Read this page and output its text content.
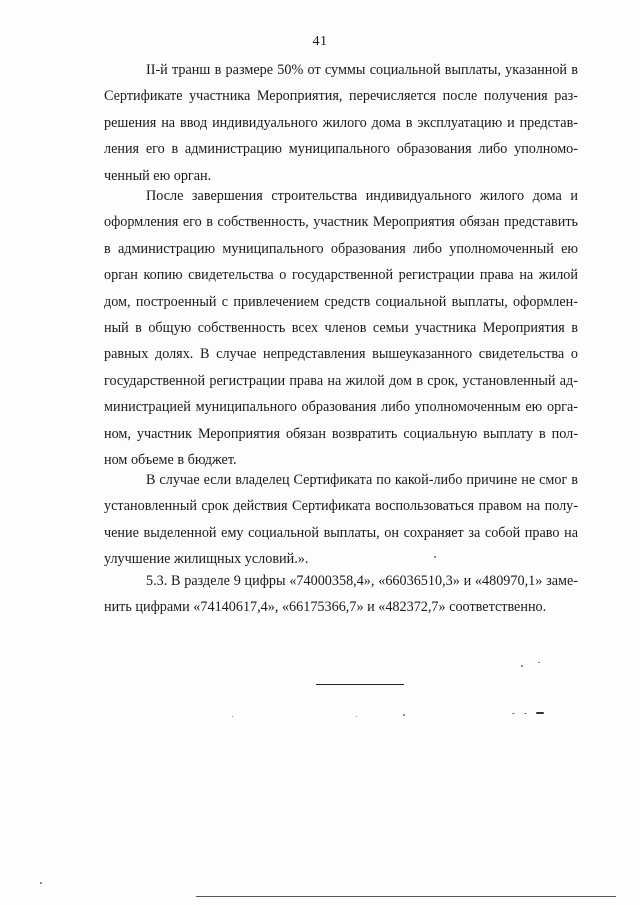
41
II-й транш в размере 50% от суммы социальной выплаты, указанной в
Сертификате участника Мероприятия, перечисляется после получения раз-
решения на ввод индивидуального жилого дома в эксплуатацию и представ-
ления его в администрацию муниципального образования либо уполномо-
ченный ею орган.
После завершения строительства индивидуального жилого дома и
оформления его в собственность, участник Мероприятия обязан представить
в администрацию муниципального образования либо уполномоченный ею
орган копию свидетельства о государственной регистрации права на жилой
дом, построенный с привлечением средств социальной выплаты, оформлен-
ный в общую собственность всех членов семьи участника Мероприятия в
равных долях. В случае непредставления вышеуказанного свидетельства о
государственной регистрации права на жилой дом в срок, установленный ад-
министрацией муниципального образования либо уполномоченным ею орга-
ном, участник Мероприятия обязан возвратить социальную выплату в пол-
ном объеме в бюджет.
В случае если владелец Сертификата по какой-либо причине не смог в
установленный срок действия Сертификата воспользоваться правом на полу-
чение выделенной ему социальной выплаты, он сохраняет за собой право на
улучшение жилищных условий.».
5.3. В разделе 9 цифры «74000358,4», «66036510,3» и «480970,1» заме-
нить цифрами «74140617,4», «66175366,7» и «482372,7» соответственно.
